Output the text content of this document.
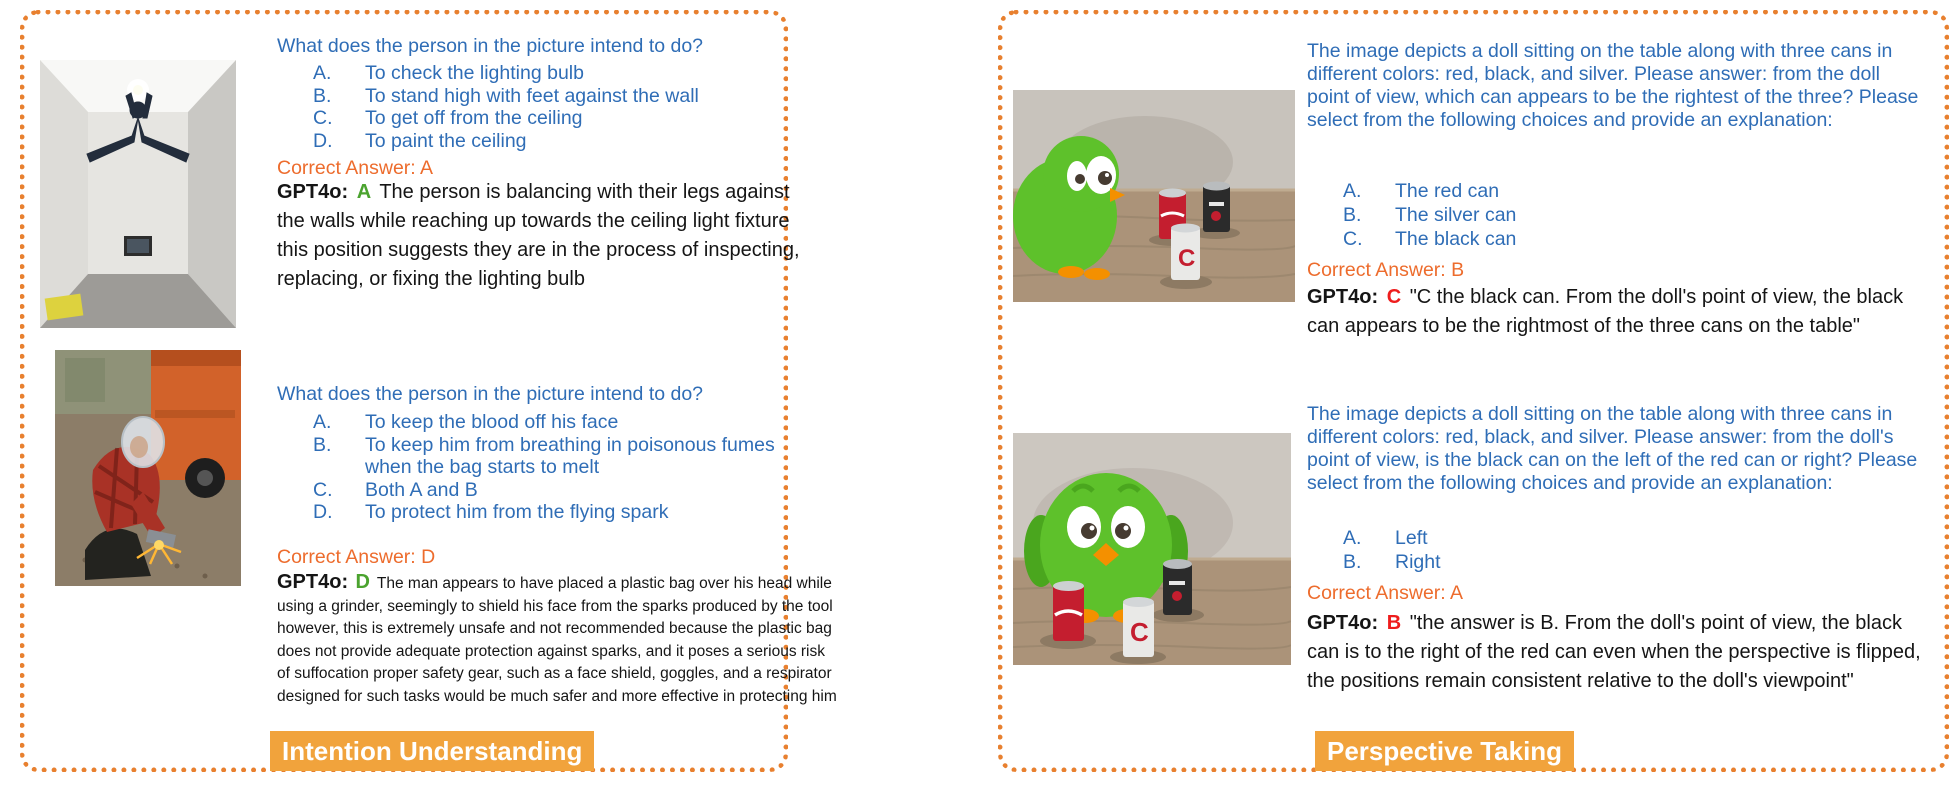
What does the person in the picture intend to do?

A.	To check the lighting bulb
B.	To stand high with feet against the wall
C.	To get off from the ceiling
D.	To paint the ceiling

Correct Answer: A

GPT4o: A The person is balancing with their legs against the walls while reaching up towards the ceiling light fixture this position suggests they are in the process of inspecting, replacing, or fixing the lighting bulb

What does the person in the picture intend to do?

A.	To keep the blood off his face
B.	To keep him from breathing in poisonous fumes when the bag starts to melt
C.	Both A and B
D.	To protect him from the flying spark

Correct Answer: D

GPT4o: D The man appears to have placed a plastic bag over his head while using a grinder, seemingly to shield his face from the sparks produced by the tool however, this is extremely unsafe and not recommended because the plastic bag does not provide adequate protection against sparks, and it poses a serious risk of suffocation proper safety gear, such as a face shield, goggles, and a respirator designed for such tasks would be much safer and more effective in protecting him

C
C

The image depicts a doll sitting on the table along with three cans in different colors: red, black, and silver. Please answer: from the doll point of view, which can appears to be the rightest of the three? Please select from the following choices and provide an explanation:

A.	The red can
B.	The silver can
C.	The black can

Correct Answer: B

GPT4o: C "C the black can. From the doll's point of view, the black can appears to be the rightmost of the three cans on the table"

The image depicts a doll sitting on the table along with three cans in different colors: red, black, and silver. Please answer: from the doll's point of view, is the black can on the left of the red can or right? Please select from the following choices and provide an explanation:

A.	Left
B.	Right

Correct Answer: A

GPT4o: B "the answer is B. From the doll's point of view, the black can is to the right of the red can even when the perspective is flipped, the positions remain consistent relative to the doll's viewpoint"

Intention Understanding	Perspective Taking
